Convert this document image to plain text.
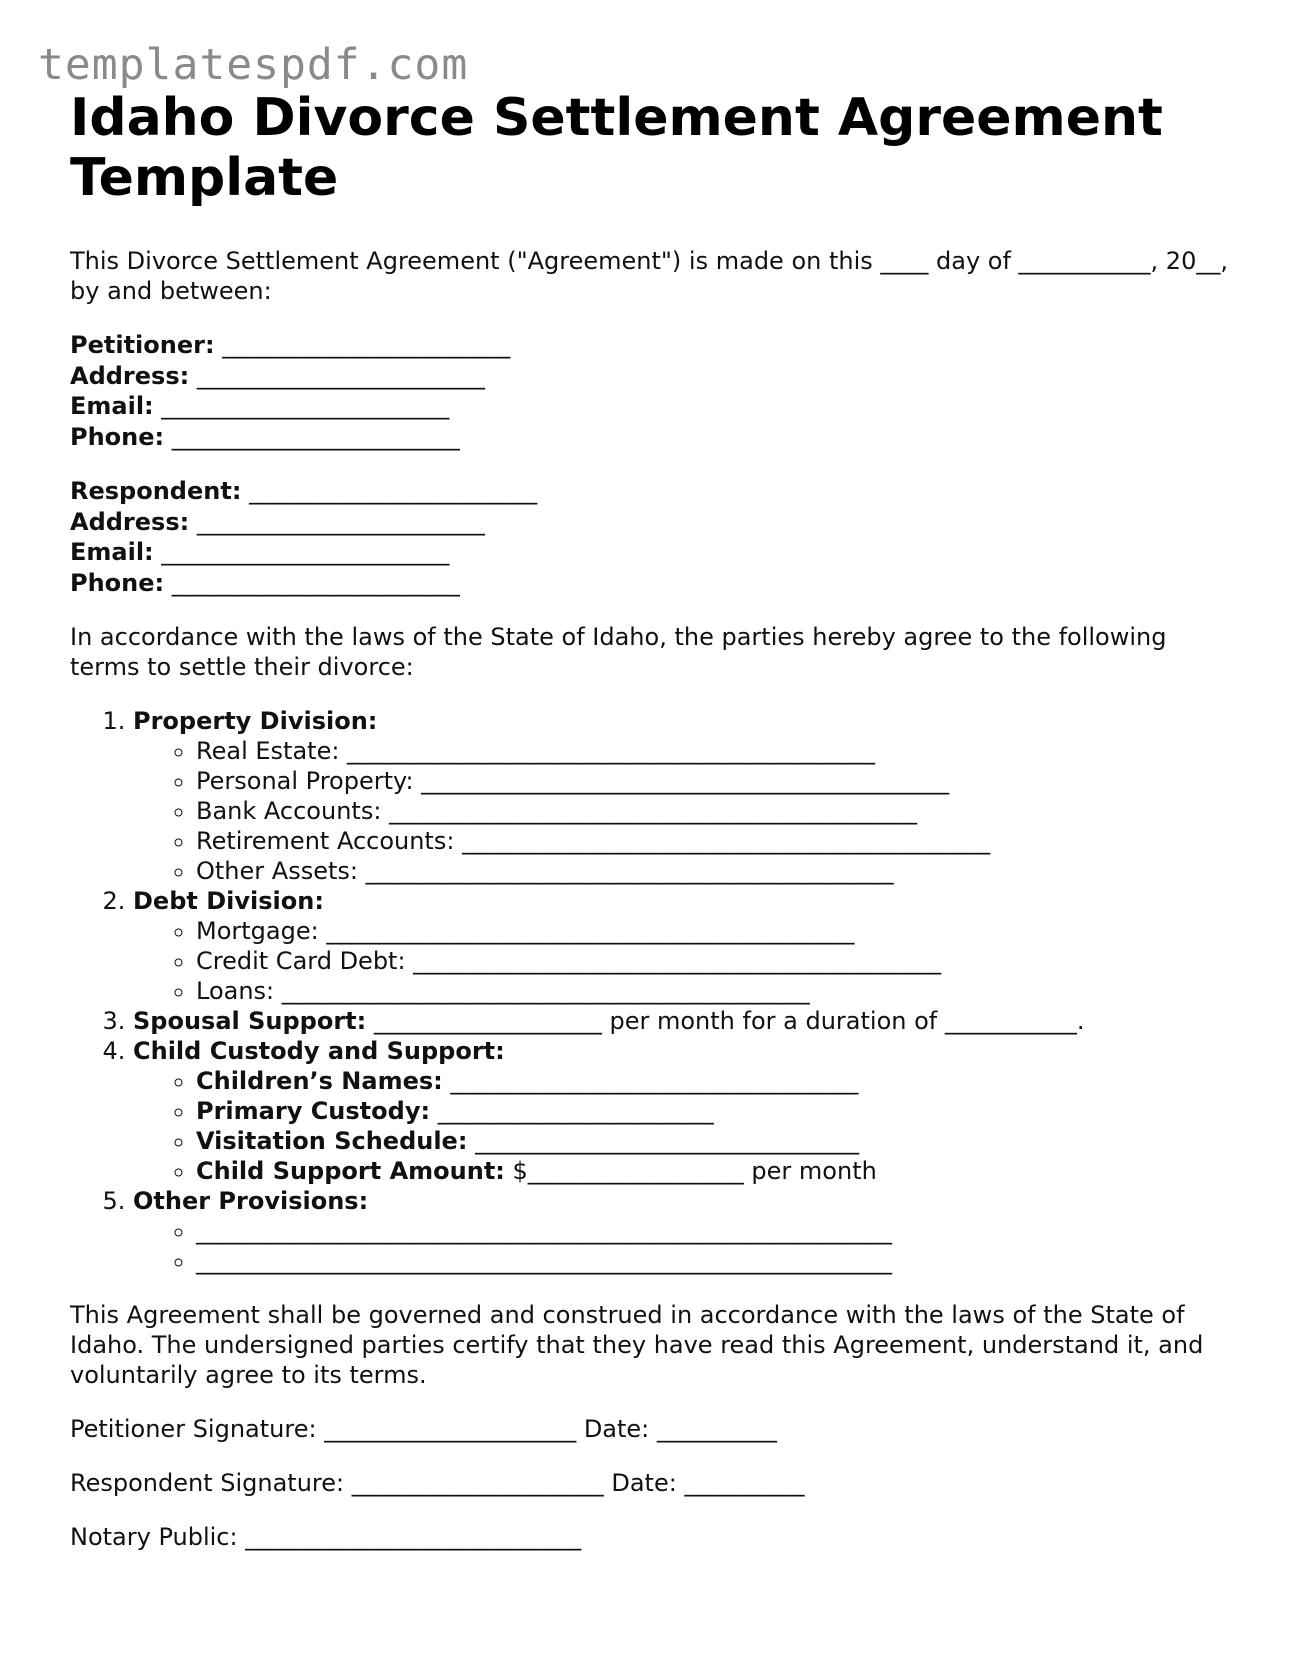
templatespdf.com
Idaho Divorce Settlement Agreement Template

This Divorce Settlement Agreement ("Agreement") is made on this ____ day of ___________, 20__, by and between:

Petitioner: ________________________
Address: ________________________
Email: ________________________
Phone: ________________________
Respondent: ________________________
Address: ________________________
Email: ________________________
Phone: ________________________

In accordance with the laws of the State of Idaho, the parties hereby agree to the following terms to settle their divorce:

1. Property Division:
◦ Real Estate: ____________________________________________
◦ Personal Property: ____________________________________________
◦ Bank Accounts: ____________________________________________
◦ Retirement Accounts: ____________________________________________
◦ Other Assets: ____________________________________________
2. Debt Division:
◦ Mortgage: ____________________________________________
◦ Credit Card Debt: ____________________________________________
◦ Loans: ____________________________________________
3. Spousal Support: ___________________ per month for a duration of ___________.
4. Child Custody and Support:
◦ Children’s Names: __________________________________
◦ Primary Custody: _______________________
◦ Visitation Schedule: ________________________________
◦ Child Support Amount: $__________________ per month
5. Other Provisions:
◦ __________________________________________________________
◦ __________________________________________________________

This Agreement shall be governed and construed in accordance with the laws of the State of Idaho. The undersigned parties certify that they have read this Agreement, understand it, and voluntarily agree to its terms.

Petitioner Signature: _____________________ Date: __________

Respondent Signature: _____________________ Date: __________

Notary Public: ____________________________
